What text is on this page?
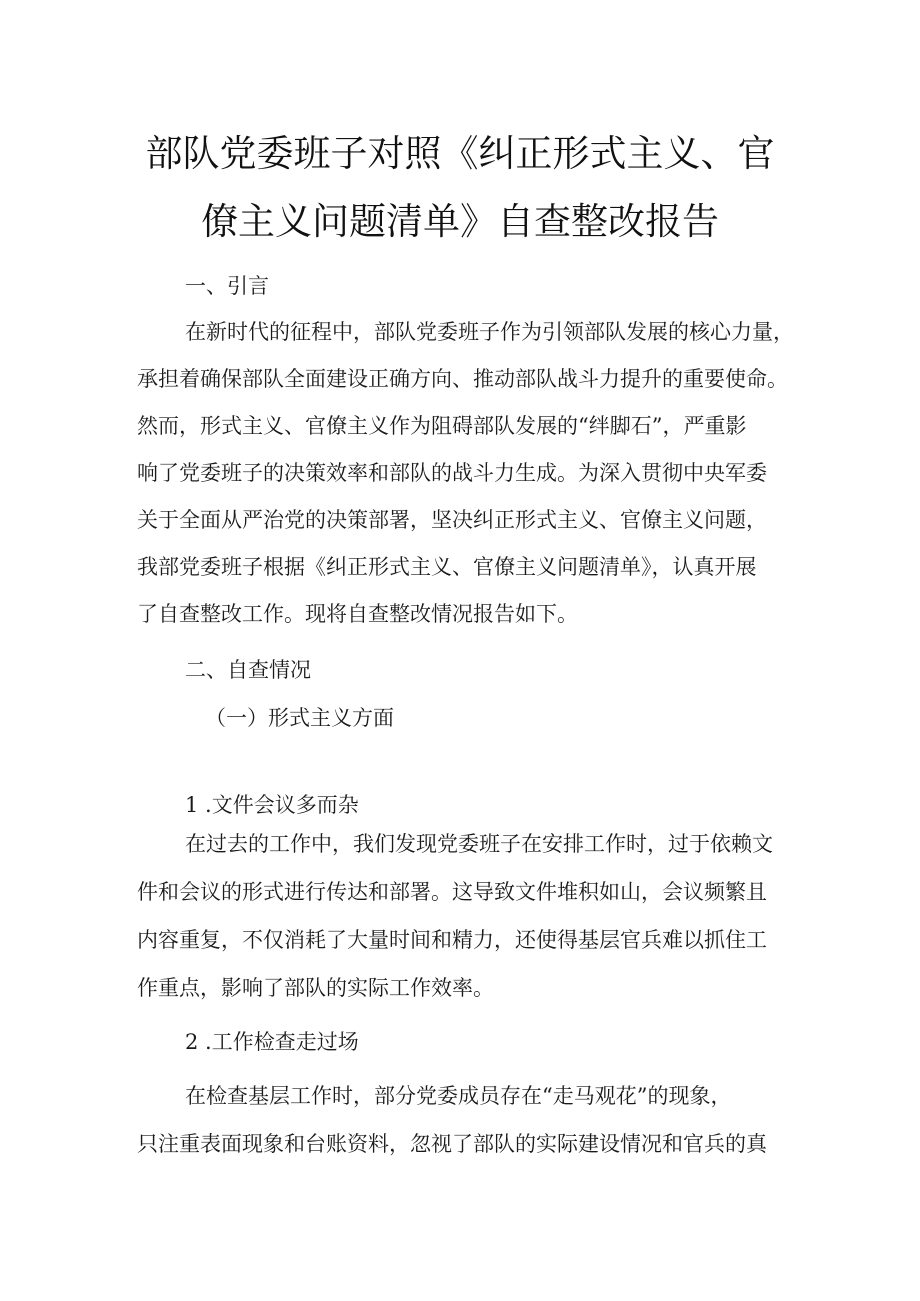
部队党委班子对照《纠正形式主义、官
僚主义问题清单》自查整改报告
一、引言
在新时代的征程中，部队党委班子作为引领部队发展的核心力量，
承担着确保部队全面建设正确方向、推动部队战斗力提升的重要使命。
然而，形式主义、官僚主义作为阻碍部队发展的“绊脚石”，严重影
响了党委班子的决策效率和部队的战斗力生成。为深入贯彻中央军委
关于全面从严治党的决策部署，坚决纠正形式主义、官僚主义问题，
我部党委班子根据《纠正形式主义、官僚主义问题清单》，认真开展
了自查整改工作。现将自查整改情况报告如下。
二、自查情况
（一）形式主义方面
1 .文件会议多而杂
在过去的工作中，我们发现党委班子在安排工作时，过于依赖文
件和会议的形式进行传达和部署。这导致文件堆积如山，会议频繁且
内容重复，不仅消耗了大量时间和精力，还使得基层官兵难以抓住工
作重点，影响了部队的实际工作效率。
2 .工作检查走过场
在检查基层工作时，部分党委成员存在“走马观花”的现象，
只注重表面现象和台账资料，忽视了部队的实际建设情况和官兵的真
